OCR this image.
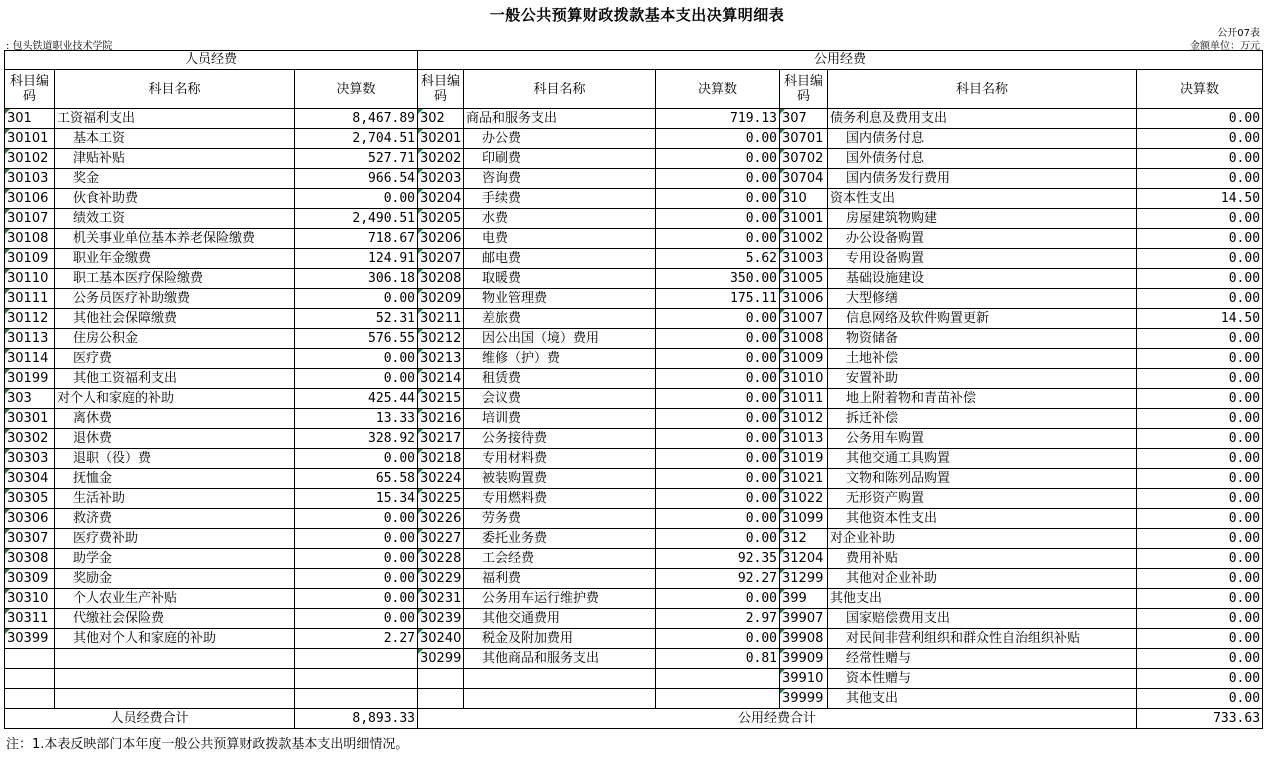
一般公共预算财政拨款基本支出决算明细表
公开07表
: 包头铁道职业技术学院	金额单位：万元
人员经费			公用经费					
科目编码	科目名称	决算数	科目编码	科目名称	决算数	科目编码	科目名称	决算数
301	工资福利支出	8,467.89	302	商品和服务支出	719.13	307	债务利息及费用支出	0.00
30101	基本工资	2,704.51	30201	办公费	0.00	30701	国内债务付息	0.00
30102	津贴补贴	527.71	30202	印刷费	0.00	30702	国外债务付息	0.00
30103	奖金	966.54	30203	咨询费	0.00	30704	国内债务发行费用	0.00
30106	伙食补助费	0.00	30204	手续费	0.00	310	资本性支出	14.50
30107	绩效工资	2,490.51	30205	水费	0.00	31001	房屋建筑物购建	0.00
30108	机关事业单位基本养老保险缴费	718.67	30206	电费	0.00	31002	办公设备购置	0.00
30109	职业年金缴费	124.91	30207	邮电费	5.62	31003	专用设备购置	0.00
30110	职工基本医疗保险缴费	306.18	30208	取暖费	350.00	31005	基础设施建设	0.00
30111	公务员医疗补助缴费	0.00	30209	物业管理费	175.11	31006	大型修缮	0.00
30112	其他社会保障缴费	52.31	30211	差旅费	0.00	31007	信息网络及软件购置更新	14.50
30113	住房公积金	576.55	30212	因公出国（境）费用	0.00	31008	物资储备	0.00
30114	医疗费	0.00	30213	维修（护）费	0.00	31009	土地补偿	0.00
30199	其他工资福利支出	0.00	30214	租赁费	0.00	31010	安置补助	0.00
303	对个人和家庭的补助	425.44	30215	会议费	0.00	31011	地上附着物和青苗补偿	0.00
30301	离休费	13.33	30216	培训费	0.00	31012	拆迁补偿	0.00
30302	退休费	328.92	30217	公务接待费	0.00	31013	公务用车购置	0.00
30303	退职（役）费	0.00	30218	专用材料费	0.00	31019	其他交通工具购置	0.00
30304	抚恤金	65.58	30224	被装购置费	0.00	31021	文物和陈列品购置	0.00
30305	生活补助	15.34	30225	专用燃料费	0.00	31022	无形资产购置	0.00
30306	救济费	0.00	30226	劳务费	0.00	31099	其他资本性支出	0.00
30307	医疗费补助	0.00	30227	委托业务费	0.00	312	对企业补助	0.00
30308	助学金	0.00	30228	工会经费	92.35	31204	费用补贴	0.00
30309	奖励金	0.00	30229	福利费	92.27	31299	其他对企业补助	0.00
30310	个人农业生产补贴	0.00	30231	公务用车运行维护费	0.00	399	其他支出	0.00
30311	代缴社会保险费	0.00	30239	其他交通费用	2.97	39907	国家赔偿费用支出	0.00
30399	其他对个人和家庭的补助	2.27	30240	税金及附加费用	0.00	39908	对民间非营利组织和群众性自治组织补贴	0.00
			30299	其他商品和服务支出	0.81	39909	经常性赠与	0.00
						39910	资本性赠与	0.00
						39999	其他支出	0.00
人员经费合计		8,893.33	公用经费合计					733.63
注：1.本表反映部门本年度一般公共预算财政拨款基本支出明细情况。
